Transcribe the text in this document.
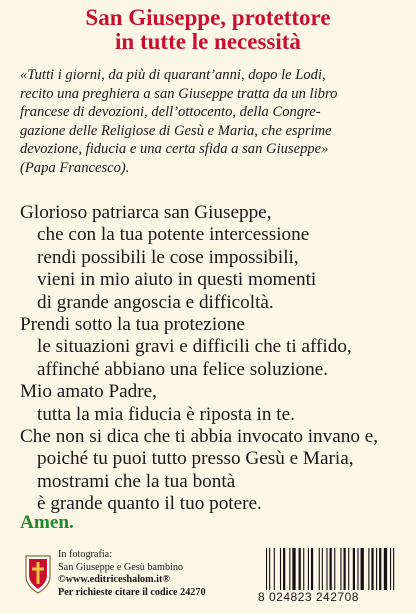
San Giuseppe, protettore
in tutte le necessità
«Tutti i giorni, da più di quarant’anni, dopo le Lodi,
recito una preghiera a san Giuseppe tratta da un libro
francese di devozioni, dell’ottocento, della Congre-
gazione delle Religiose di Gesù e Maria, che esprime
devozione, fiducia e una certa sfida a san Giuseppe»
(Papa Francesco).
Glorioso patriarca san Giuseppe,
che con la tua potente intercessione
rendi possibili le cose impossibili,
vieni in mio aiuto in questi momenti
di grande angoscia e difficoltà.
Prendi sotto la tua protezione
le situazioni gravi e difficili che ti affido,
affinché abbiano una felice soluzione.
Mio amato Padre,
tutta la mia fiducia è riposta in te.
Che non si dica che ti abbia invocato invano e,
poiché tu puoi tutto presso Gesù e Maria,
mostrami che la tua bontà
è grande quanto il tuo potere.
Amen.
In fotografia:
San Giuseppe e Gesù bambino
©www.editriceshalom.it®
Per richieste citare il codice 24270	8 024823 242708
